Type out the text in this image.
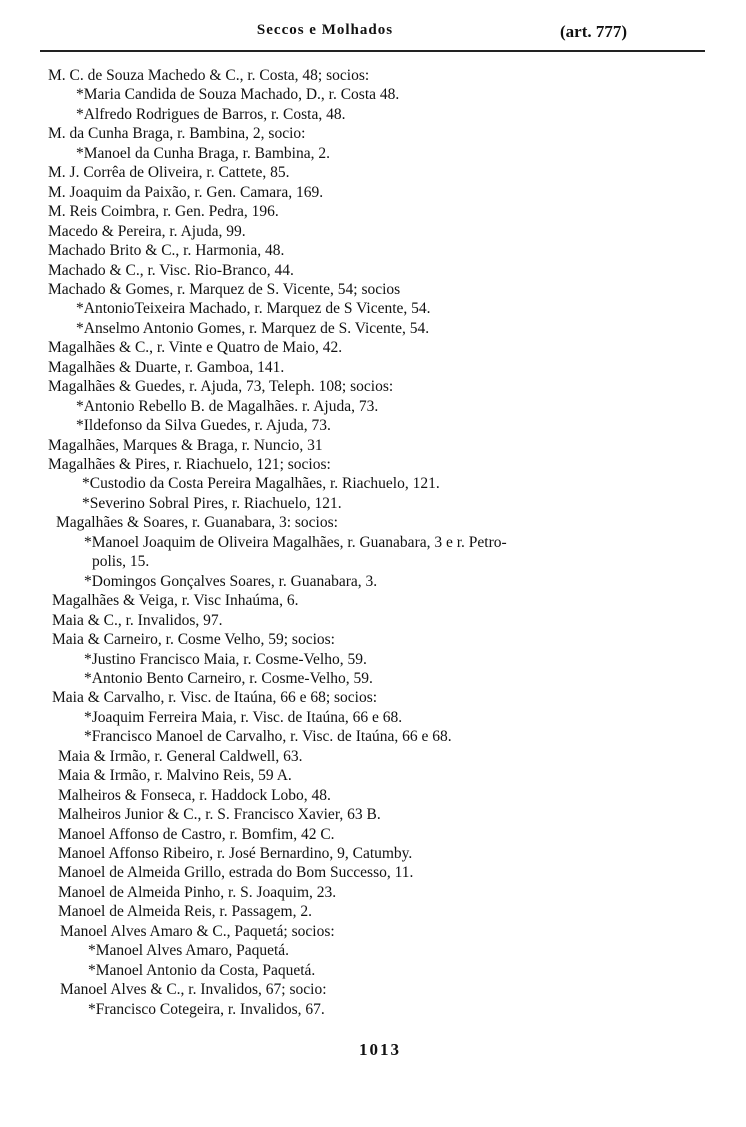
Seccos e Molhados	(art. 777)
M. C. de Souza Machedo & C., r. Costa, 48; socios:
*Maria Candida de Souza Machado, D., r. Costa 48.
*Alfredo Rodrigues de Barros, r. Costa, 48.
M. da Cunha Braga, r. Bambina, 2, socio:
*Manoel da Cunha Braga, r. Bambina, 2.
M. J. Corrêa de Oliveira, r. Cattete, 85.
M. Joaquim da Paixão, r. Gen. Camara, 169.
M. Reis Coimbra, r. Gen. Pedra, 196.
Macedo & Pereira, r. Ajuda, 99.
Machado Brito & C., r. Harmonia, 48.
Machado & C., r. Visc. Rio-Branco, 44.
Machado & Gomes, r. Marquez de S. Vicente, 54; socios
*AntonioTeixeira Machado, r. Marquez de S Vicente, 54.
*Anselmo Antonio Gomes, r. Marquez de S. Vicente, 54.
Magalhães & C., r. Vinte e Quatro de Maio, 42.
Magalhães & Duarte, r. Gamboa, 141.
Magalhães & Guedes, r. Ajuda, 73, Teleph. 108; socios:
*Antonio Rebello B. de Magalhães. r. Ajuda, 73.
*Ildefonso da Silva Guedes, r. Ajuda, 73.
Magalhães, Marques & Braga, r. Nuncio, 31
Magalhães & Pires, r. Riachuelo, 121; socios:
*Custodio da Costa Pereira Magalhães, r. Riachuelo, 121.
*Severino Sobral Pires, r. Riachuelo, 121.
Magalhães & Soares, r. Guanabara, 3: socios:
*Manoel Joaquim de Oliveira Magalhães, r. Guanabara, 3 e r. Petro-
polis, 15.
*Domingos Gonçalves Soares, r. Guanabara, 3.
Magalhães & Veiga, r. Visc Inhaúma, 6.
Maia & C., r. Invalidos, 97.
Maia & Carneiro, r. Cosme Velho, 59; socios:
*Justino Francisco Maia, r. Cosme-Velho, 59.
*Antonio Bento Carneiro, r. Cosme-Velho, 59.
Maia & Carvalho, r. Visc. de Itaúna, 66 e 68; socios:
*Joaquim Ferreira Maia, r. Visc. de Itaúna, 66 e 68.
*Francisco Manoel de Carvalho, r. Visc. de Itaúna, 66 e 68.
Maia & Irmão, r. General Caldwell, 63.
Maia & Irmão, r. Malvino Reis, 59 A.
Malheiros & Fonseca, r. Haddock Lobo, 48.
Malheiros Junior & C., r. S. Francisco Xavier, 63 B.
Manoel Affonso de Castro, r. Bomfim, 42 C.
Manoel Affonso Ribeiro, r. José Bernardino, 9, Catumby.
Manoel de Almeida Grillo, estrada do Bom Successo, 11.
Manoel de Almeida Pinho, r. S. Joaquim, 23.
Manoel de Almeida Reis, r. Passagem, 2.
Manoel Alves Amaro & C., Paquetá; socios:
*Manoel Alves Amaro, Paquetá.
*Manoel Antonio da Costa, Paquetá.
Manoel Alves & C., r. Invalidos, 67; socio:
*Francisco Cotegeira, r. Invalidos, 67.
1013
